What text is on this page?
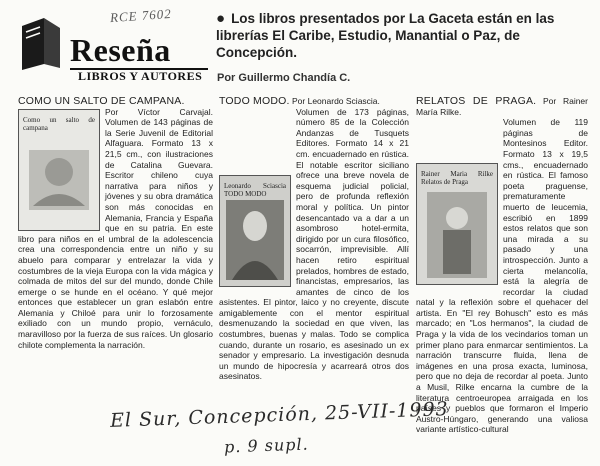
RCE 7602
Reseña
LIBROS Y AUTORES
● Los libros presentados por La Gaceta están en las librerías El Caribe, Estudio, Manantial o Paz, de Concepción.
Por Guillermo Chandía C.
COMO UN SALTO DE CAMPANA.
Como un salto de campana
Por Víctor Carvajal. Volumen de 143 páginas de la Serie Juvenil de Editorial Alfaguara. Formato 13 x 21,5 cm., con ilustraciones de Catalina Guevara. Escritor chileno cuya narrativa para niños y jóvenes y su obra dramática son más conocidas en Alemania, Francia y España que en su patria. En este libro para niños en el umbral de la adolescencia crea una correspondencia entre un niño y su abuelo para comparar y entrelazar la vida y costumbres de la vieja Europa con la vida mágica y colmada de mitos del sur del mundo, donde Chile emerge o se hunde en el océano. Y qué mejor entonces que establecer un gran eslabón entre Alemania y Chiloé para unir lo forzosamente exiliado con un mundo propio, vernáculo, maravilloso por la fuerza de sus raíces. Un glosario chilote complementa la narración.
TODO MODO. Por Leonardo Sciascia.
Leonardo Sciascia TODO MODO
Volumen de 173 páginas, número 85 de la Colección Andanzas de Tusquets Editores. Formato 14 x 21 cm. encuadernado en rústica. El notable escritor siciliano ofrece una breve novela de esquema judicial policial, pero de profunda reflexión moral y política. Un pintor desencantado va a dar a un asombroso hotel-ermita, dirigido por un cura filosófico, socarrón, imprevisible. Allí hacen retiro espiritual prelados, hombres de estado, financistas, empresarios, las amantes de cinco de los asistentes. El pintor, laico y no creyente, discute amigablemente con el mentor espiritual desmenuzando la sociedad en que viven, las costumbres, buenas y malas. Todo se complica cuando, durante un rosario, es asesinado un ex senador y empresario. La investigación desnuda un mundo de hipocresía y acarreará otros dos asesinatos.
RELATOS DE PRAGA. Por Rainer María Rilke.
Rainer Maria Rilke Relatos de Praga
Volumen de 119 páginas de Montesinos Editor. Formato 13 x 19,5 cms., encuadernado en rústica. El famoso poeta praguense, prematuramente muerto de leucemia, escribió en 1899 estos relatos que son una mirada a su pasado y una introspección. Junto a cierta melancolía, está la alegría de recordar la ciudad natal y la reflexión sobre el quehacer del artista. En "El rey Bohusch" esto es más marcado; en "Los hermanos", la ciudad de Praga y la vida de los vecindarios toman un primer plano para enmarcar sentimientos. La narración transcurre fluida, llena de imágenes en una prosa exacta, luminosa, pero que no deja de recordar al poeta. Junto a Musil, Rilke encarna la cumbre de la literatura centroeuropea arraigada en los países y pueblos que formaron el Imperio Austro-Húngaro, generando una valiosa variante artístico-cultural
El Sur, Concepción, 25-VII-1993
p. 9 supl.
